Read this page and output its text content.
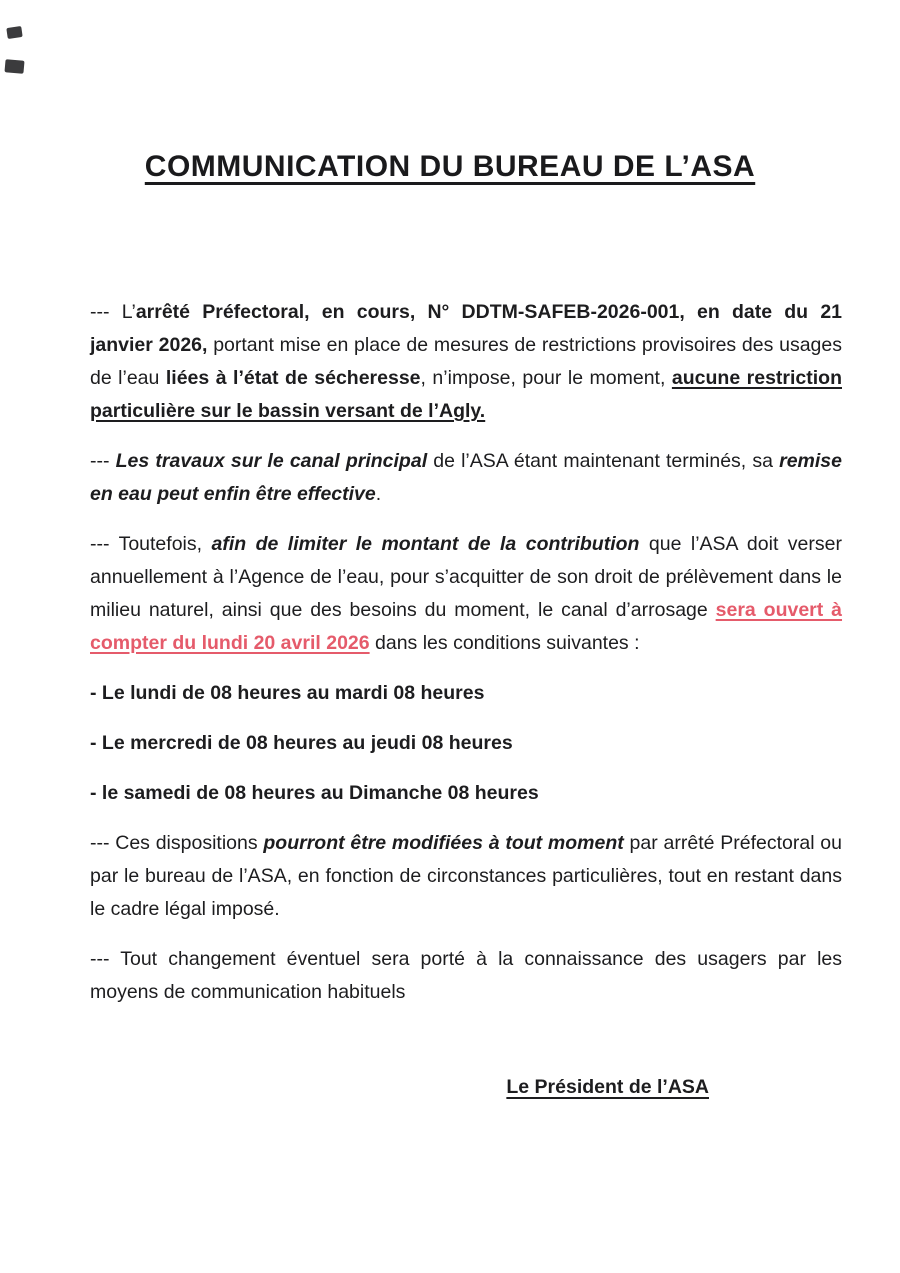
COMMUNICATION DU BUREAU DE L’ASA

--- L’arrêté Préfectoral, en cours, N° DDTM-SAFEB-2026-001, en date du 21 janvier 2026, portant mise en place de mesures de restrictions provisoires des usages de l’eau liées à l’état de sécheresse, n’impose, pour le moment, aucune restriction particulière sur le bassin versant de l’Agly.

--- Les travaux sur le canal principal de l’ASA étant maintenant terminés, sa remise en eau peut enfin être effective.

--- Toutefois, afin de limiter le montant de la contribution que l’ASA doit verser annuellement à l’Agence de l’eau, pour s’acquitter de son droit de prélèvement dans le milieu naturel, ainsi que des besoins du moment, le canal d’arrosage sera ouvert à compter du lundi 20 avril 2026 dans les conditions suivantes :

- Le lundi de 08 heures au mardi 08 heures

- Le mercredi de 08 heures au jeudi 08 heures

- le samedi de 08 heures au Dimanche 08 heures

--- Ces dispositions pourront être modifiées à tout moment par arrêté Préfectoral ou par le bureau de l’ASA, en fonction de circonstances particulières, tout en restant dans le cadre légal imposé.

--- Tout changement éventuel sera porté à la connaissance des usagers par les moyens de communication habituels

Le Président de l’ASA
